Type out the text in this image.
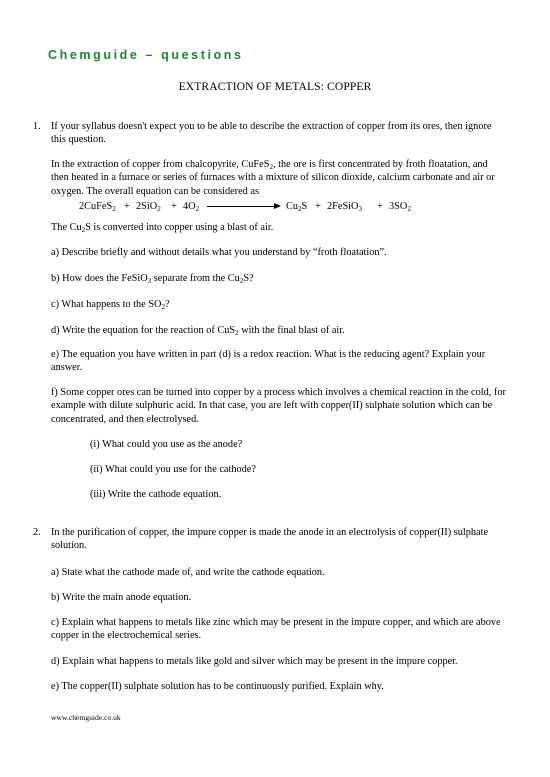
Chemguide – questions
EXTRACTION OF METALS: COPPER
1. If your syllabus doesn't expect you to be able to describe the extraction of copper from its ores, then ignore this question.

In the extraction of copper from chalcopyrite, CuFeS$_2$, the ore is first concentrated by froth floatation, and then heated in a furnace or series of furnaces with a mixture of silicon dioxide, calcium carbonate and air or oxygen. The overall equation can be considered as

2CuFeS$_2$ + $2SiO_2 + 4O_2$	$Cu_2S$ + 2FeSiO$_3$ + $3SO_2$

The $Cu_2S$ is converted into copper using a blast of air.

a) Describe briefly and without details what you understand by “froth floatation”.

b) How does the FeSiO$_3$ separate from the $Cu_2S$?

c) What happens to the $SO_2$?

d) Write the equation for the reaction of CuS$_2$ with the final blast of air.

e) The equation you have written in part (d) is a redox reaction. What is the reducing agent? Explain your answer.

f) Some copper ores can be turned into copper by a process which involves a chemical reaction in the cold, for example with dilute sulphuric acid. In that case, you are left with copper(II) sulphate solution which can be concentrated, and then electrolysed.

(i) What could you use as the anode?

(ii) What could you use for the cathode?

(iii) Write the cathode equation.

2. In the purification of copper, the impure copper is made the anode in an electrolysis of copper(II) sulphate solution.

a) State what the cathode made of, and write the cathode equation.

b) Write the main anode equation.

c) Explain what happens to metals like zinc which may be present in the impure copper, and which are above copper in the electrochemical series.

d) Explain what happens to metals like gold and silver which may be present in the impure copper.

e) The copper(II) sulphate solution has to be continuously purified. Explain why.

www.chemguide.co.uk
